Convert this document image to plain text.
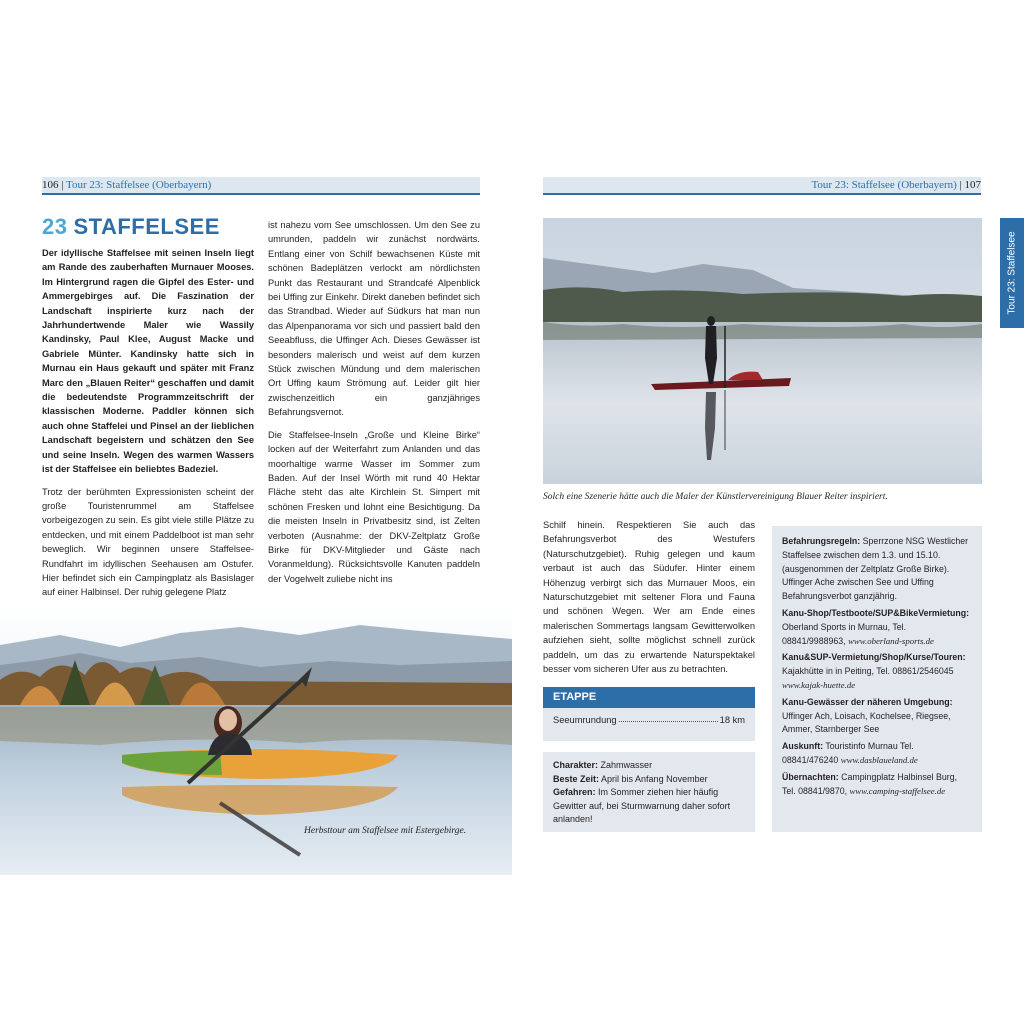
106 | Tour 23: Staffelsee (Oberbayern)	Tour 23: Staffelsee (Oberbayern) | 107
Tour 23: Staffelsee
23 STAFFELSEE

Der idyllische Staffelsee mit seinen Inseln liegt am Rande des zauberhaften Murnauer Mooses. Im Hintergrund ragen die Gipfel des Ester- und Ammergebirges auf. Die Faszination der Landschaft inspirierte kurz nach der Jahrhundertwende Maler wie Wassily Kandinsky, Paul Klee, August Macke und Gabriele Münter. Kandinsky hatte sich in Murnau ein Haus gekauft und später mit Franz Marc den „Blauen Reiter“ geschaffen und damit die bedeutendste Programmzeitschrift der klassischen Moderne. Paddler können sich auch ohne Staffelei und Pinsel an der lieblichen Landschaft begeistern und schätzen den See und seine Inseln. Wegen des warmen Wassers ist der Staffelsee ein beliebtes Badeziel.

Trotz der berühmten Expressionisten scheint der große Touristenrummel am Staffelsee vorbeigezogen zu sein. Es gibt viele stille Plätze zu entdecken, und mit einem Paddelboot ist man sehr beweglich. Wir beginnen unsere Staffelsee-Rundfahrt im idyllischen Seehausen am Ostufer. Hier befindet sich ein Campingplatz als Basislager auf einer Halbinsel. Der ruhig gelegene Platz

ist nahezu vom See umschlossen. Um den See zu umrunden, paddeln wir zunächst nordwärts. Entlang einer von Schilf bewachsenen Küste mit schönen Badeplätzen verlockt am nördlichsten Punkt das Restaurant und Strandcafé Alpenblick bei Uffing zur Einkehr. Direkt daneben befindet sich das Strandbad. Wieder auf Südkurs hat man nun das Alpenpanorama vor sich und passiert bald den Seeabfluss, die Uffinger Ach. Dieses Gewässer ist besonders malerisch und weist auf dem kurzen Stück zwischen Mündung und dem malerischen Ort Uffing kaum Strömung auf. Leider gilt hier zwischenzeitlich ein ganzjähriges Befahrungsvernot.

Die Staffelsee-Inseln „Große und Kleine Birke“ locken auf der Weiterfahrt zum Anlanden und das moorhaltige warme Wasser im Sommer zum Baden. Auf der Insel Wörth mit rund 40 Hektar Fläche steht das alte Kirchlein St. Simpert mit schönen Fresken und lohnt eine Besichtigung. Da die meisten Inseln in Privatbesitz sind, ist Zelten verboten (Ausnahme: der DKV-Zeltplatz Große Birke für DKV-Mitglieder und Gäste nach Voranmeldung). Rücksichtsvolle Kanuten paddeln der Vogelwelt zuliebe nicht ins

Herbsttour am Staffelsee mit Estergebirge.
Solch eine Szenerie hätte auch die Maler der Künstlervereinigung Blauer Reiter inspiriert.

Schilf hinein. Respektieren Sie auch das Befahrungsverbot des Westufers (Naturschutzgebiet). Ruhig gelegen und kaum verbaut ist auch das Südufer. Hinter einem Höhenzug verbirgt sich das Murnauer Moos, ein Naturschutzgebiet mit seltener Flora und Fauna und schönen Wegen. Wer am Ende eines malerischen Sommertags langsam Gewitterwolken aufziehen sieht, sollte möglichst schnell zurück paddeln, um das zu erwartende Naturspektakel besser vom sicheren Ufer aus zu betrachten.

ETAPPE
Seeumrundung	18 km
Charakter: Zahmwasser
Beste Zeit: April bis Anfang November
Gefahren: Im Sommer ziehen hier häufig Gewitter auf, bei Sturmwarnung daher sofort anlanden!
Befahrungsregeln: Sperrzone NSG Westlicher Staffelsee zwischen dem 1.3. und 15.10. (ausgenommen der Zeltplatz Große Birke). Uffinger Ache zwischen See und Uffing Befahrungsverbot ganzjährig.
Kanu-Shop/Testboote/SUP&BikeVermietung: Oberland Sports in Murnau, Tel. 08841/9988963, www.oberland-sports.de
Kanu&SUP-Vermietung/Shop/Kurse/Touren: Kajakhütte in in Peiting, Tel. 08861/2546045 www.kajak-huette.de
Kanu-Gewässer der näheren Umgebung: Uffinger Ach, Loisach, Kochelsee, Riegsee, Ammer, Starnberger See
Auskunft: Touristinfo Murnau Tel. 08841/476240 www.dasblaueland.de
Übernachten: Campingplatz Halbinsel Burg, Tel. 08841/9870, www.camping-staffelsee.de
